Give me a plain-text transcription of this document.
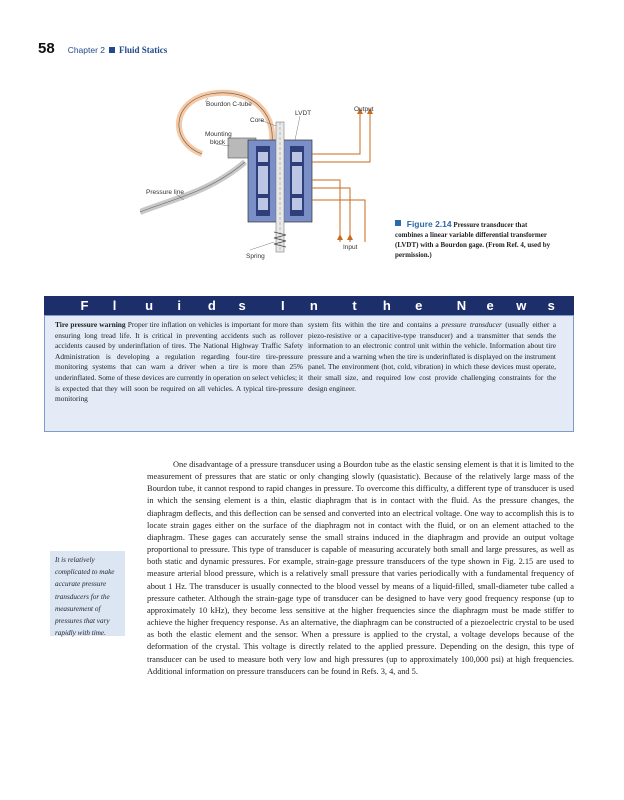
58 Chapter 2 Fluid Statics
Bourdon C-tube
Core
LVDT
Output
Mounting
block
Pressure line
Input
Spring
Figure 2.14 Pressure transducer that combines a linear variable differential transformer (LVDT) with a Bourdon gage. (From Ref. 4, used by permission.)
F l u i d s	I n	t h e	N e w s
Tire pressure warning Proper tire inflation on vehicles is important for more than ensuring long tread life. It is critical in preventing accidents such as rollover accidents caused by underinflation of tires. The National Highway Traffic Safety Administration is developing a regulation regarding four-tire tire-pressure monitoring systems that can warn a driver when a tire is more than 25% underinflated. Some of these devices are currently in operation on select vehicles; it is expected that they will soon be required on all vehicles. A typical tire-pressure monitoring
system fits within the tire and contains a pressure transducer (usually either a piezo-resistive or a capacitive-type transducer) and a transmitter that sends the information to an electronic control unit within the vehicle. Information about tire pressure and a warning when the tire is underinflated is displayed on the instrument panel. The environment (hot, cold, vibration) in which these devices must operate, their small size, and required low cost provide challenging constraints for the design engineer.
It is relatively complicated to make accurate pressure transducers for the measurement of pressures that vary rapidly with time.
One disadvantage of a pressure transducer using a Bourdon tube as the elastic sensing element is that it is limited to the measurement of pressures that are static or only changing slowly (quasistatic). Because of the relatively large mass of the Bourdon tube, it cannot respond to rapid changes in pressure. To overcome this difficulty, a different type of transducer is used in which the sensing element is a thin, elastic diaphragm that is in contact with the fluid. As the pressure changes, the diaphragm deflects, and this deflection can be sensed and converted into an electrical voltage. One way to accomplish this is to locate strain gages either on the surface of the diaphragm not in contact with the fluid, or on an element attached to the diaphragm. These gages can accurately sense the small strains induced in the diaphragm and provide an output voltage proportional to pressure. This type of transducer is capable of measuring accurately both small and large pressures, as well as both static and dynamic pressures. For example, strain-gage pressure transducers of the type shown in Fig. 2.15 are used to measure arterial blood pressure, which is a relatively small pressure that varies periodically with a fundamental frequency of about 1 Hz. The transducer is usually connected to the blood vessel by means of a liquid-filled, small-diameter tube called a pressure catheter. Although the strain-gage type of transducer can be designed to have very good frequency response (up to approximately 10 kHz), they become less sensitive at the higher frequencies since the diaphragm must be made stiffer to achieve the higher frequency response. As an alternative, the diaphragm can be constructed of a piezoelectric crystal to be used as both the elastic element and the sensor. When a pressure is applied to the crystal, a voltage develops because of the deformation of the crystal. This voltage is directly related to the applied pressure. Depending on the design, this type of transducer can be used to measure both very low and high pressures (up to approximately 100,000 psi) at high frequencies. Additional information on pressure transducers can be found in Refs. 3, 4, and 5.
